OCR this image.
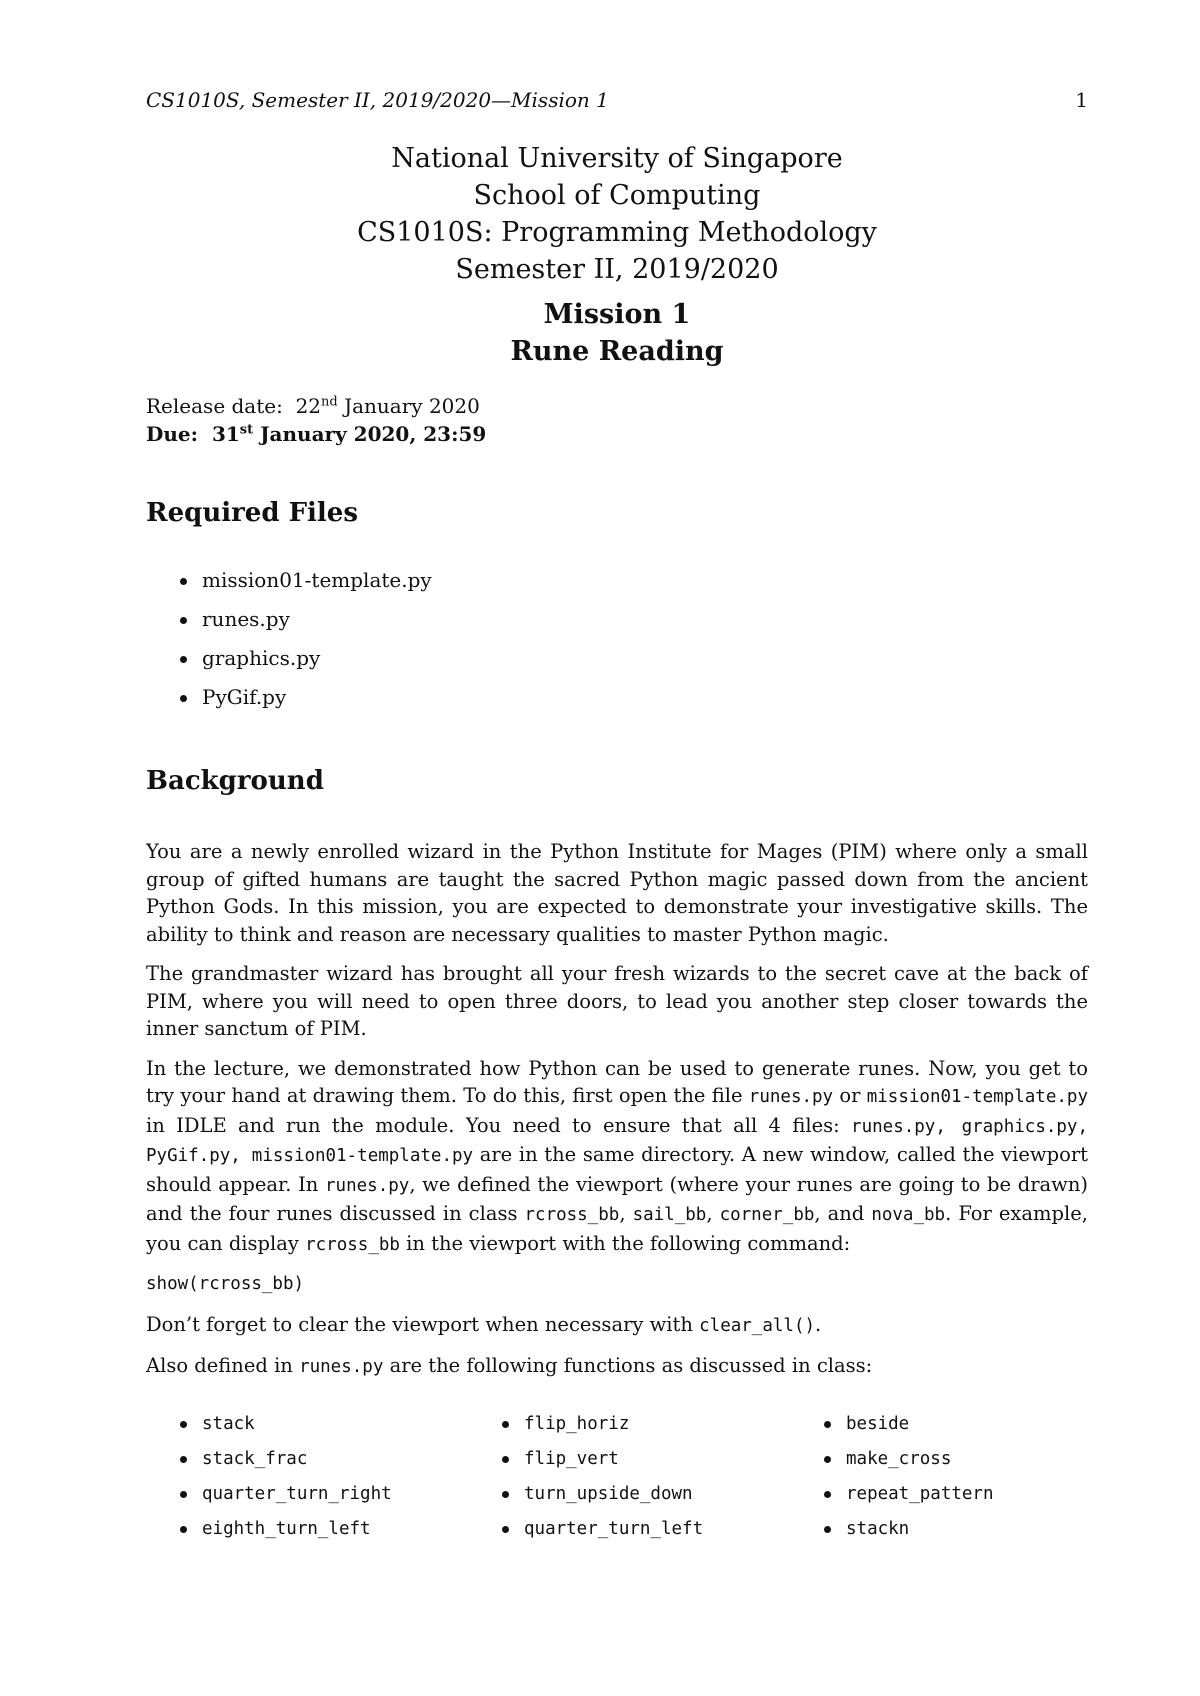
CS1010S, Semester II, 2019/2020—Mission 1	1
National University of Singapore
School of Computing
CS1010S: Programming Methodology
Semester II, 2019/2020
Mission 1
Rune Reading
Release date: 22nd January 2020
Due: 31st January 2020, 23:59
Required Files
mission01-template.py
runes.py
graphics.py
PyGif.py
Background

You are a newly enrolled wizard in the Python Institute for Mages (PIM) where only a small group of gifted humans are taught the sacred Python magic passed down from the ancient Python Gods. In this mission, you are expected to demonstrate your investigative skills. The ability to think and reason are necessary qualities to master Python magic.

The grandmaster wizard has brought all your fresh wizards to the secret cave at the back of PIM, where you will need to open three doors, to lead you another step closer towards the inner sanctum of PIM.

In the lecture, we demonstrated how Python can be used to generate runes. Now, you get to try your hand at drawing them. To do this, first open the file runes.py or mission01-template.py in IDLE and run the module. You need to ensure that all 4 files: runes.py, graphics.py, PyGif.py, mission01-template.py are in the same directory. A new window, called the viewport should appear. In runes.py, we defined the viewport (where your runes are going to be drawn) and the four runes discussed in class rcross_bb, sail_bb, corner_bb, and nova_bb. For example, you can display rcross_bb in the viewport with the following command:

show(rcross_bb)

Don’t forget to clear the viewport when necessary with clear_all().

Also defined in runes.py are the following functions as discussed in class:

stack	flip_horiz	beside
stack_frac	flip_vert	make_cross
quarter_turn_right	turn_upside_down	repeat_pattern
eighth_turn_left	quarter_turn_left	stackn
